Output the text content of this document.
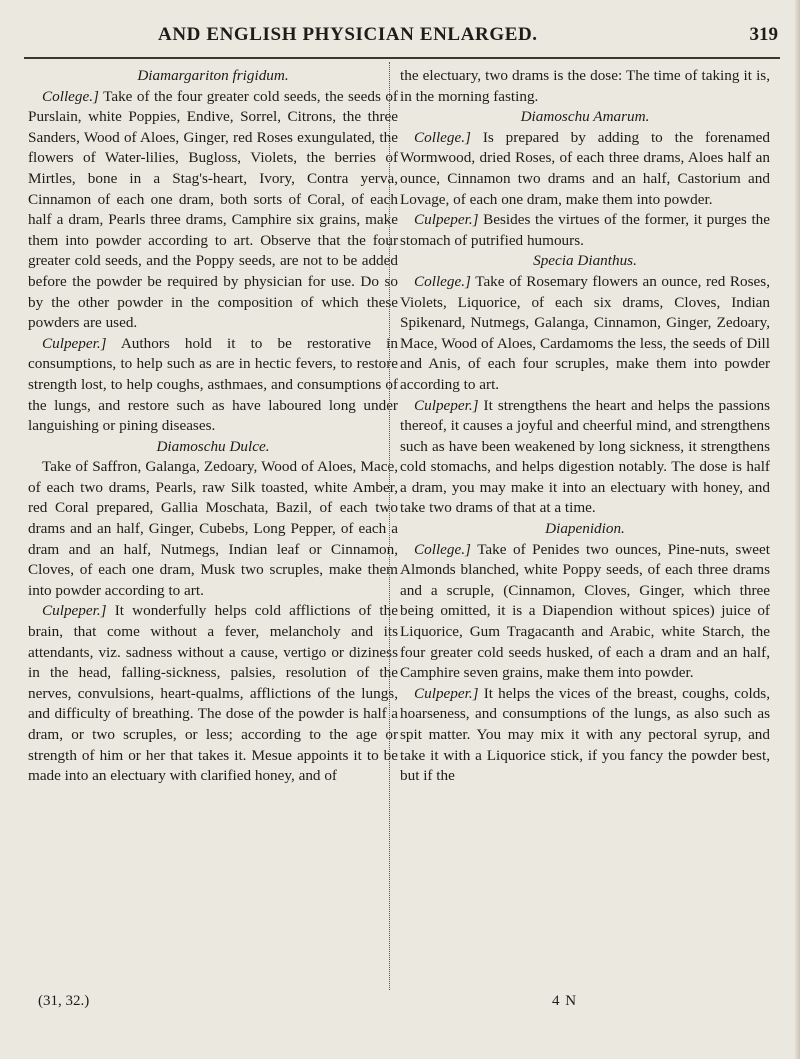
AND ENGLISH PHYSICIAN ENLARGED.	319
Diamargariton frigidum.

College.] Take of the four greater cold seeds, the seeds of Purslain, white Poppies, Endive, Sorrel, Citrons, the three Sanders, Wood of Aloes, Ginger, red Roses exungulated, the flowers of Water-lilies, Bugloss, Violets, the berries of Mirtles, bone in a Stag's-heart, Ivory, Contra yerva, Cinnamon of each one dram, both sorts of Coral, of each half a dram, Pearls three drams, Camphire six grains, make them into powder according to art. Observe that the four greater cold seeds, and the Poppy seeds, are not to be added before the powder be required by physician for use. Do so by the other powder in the composition of which these powders are used.

Culpeper.] Authors hold it to be restorative in consumptions, to help such as are in hectic fevers, to restore strength lost, to help coughs, asthmaes, and consumptions of the lungs, and restore such as have laboured long under languishing or pining diseases.

Diamoschu Dulce.

Take of Saffron, Galanga, Zedoary, Wood of Aloes, Mace, of each two drams, Pearls, raw Silk toasted, white Amber, red Coral prepared, Gallia Moschata, Bazil, of each two drams and an half, Ginger, Cubebs, Long Pepper, of each a dram and an half, Nutmegs, Indian leaf or Cinnamon, Cloves, of each one dram, Musk two scruples, make them into powder according to art.

Culpeper.] It wonderfully helps cold afflictions of the brain, that come without a fever, melancholy and its attendants, viz. sadness without a cause, vertigo or diziness in the head, falling-sickness, palsies, resolution of the nerves, convulsions, heart-qualms, afflictions of the lungs, and difficulty of breathing. The dose of the powder is half a dram, or two scruples, or less; according to the age or strength of him or her that takes it. Mesue appoints it to be made into an electuary with clarified honey, and of

the electuary, two drams is the dose: The time of taking it is, in the morning fasting.

Diamoschu Amarum.

College.] Is prepared by adding to the forenamed Wormwood, dried Roses, of each three drams, Aloes half an ounce, Cinnamon two drams and an half, Castorium and Lovage, of each one dram, make them into powder.

Culpeper.] Besides the virtues of the former, it purges the stomach of putrified humours.

Specia Dianthus.

College.] Take of Rosemary flowers an ounce, red Roses, Violets, Liquorice, of each six drams, Cloves, Indian Spikenard, Nutmegs, Galanga, Cinnamon, Ginger, Zedoary, Mace, Wood of Aloes, Cardamoms the less, the seeds of Dill and Anis, of each four scruples, make them into powder according to art.

Culpeper.] It strengthens the heart and helps the passions thereof, it causes a joyful and cheerful mind, and strengthens such as have been weakened by long sickness, it strengthens cold stomachs, and helps digestion notably. The dose is half a dram, you may make it into an electuary with honey, and take two drams of that at a time.

Diapenidion.

College.] Take of Penides two ounces, Pine-nuts, sweet Almonds blanched, white Poppy seeds, of each three drams and a scruple, (Cinnamon, Cloves, Ginger, which three being omitted, it is a Diapendion without spices) juice of Liquorice, Gum Tragacanth and Arabic, white Starch, the four greater cold seeds husked, of each a dram and an half, Camphire seven grains, make them into powder.

Culpeper.] It helps the vices of the breast, coughs, colds, hoarseness, and consumptions of the lungs, as also such as spit matter. You may mix it with any pectoral syrup, and take it with a Liquorice stick, if you fancy the powder best, but if the

(31, 32.)	4 N
